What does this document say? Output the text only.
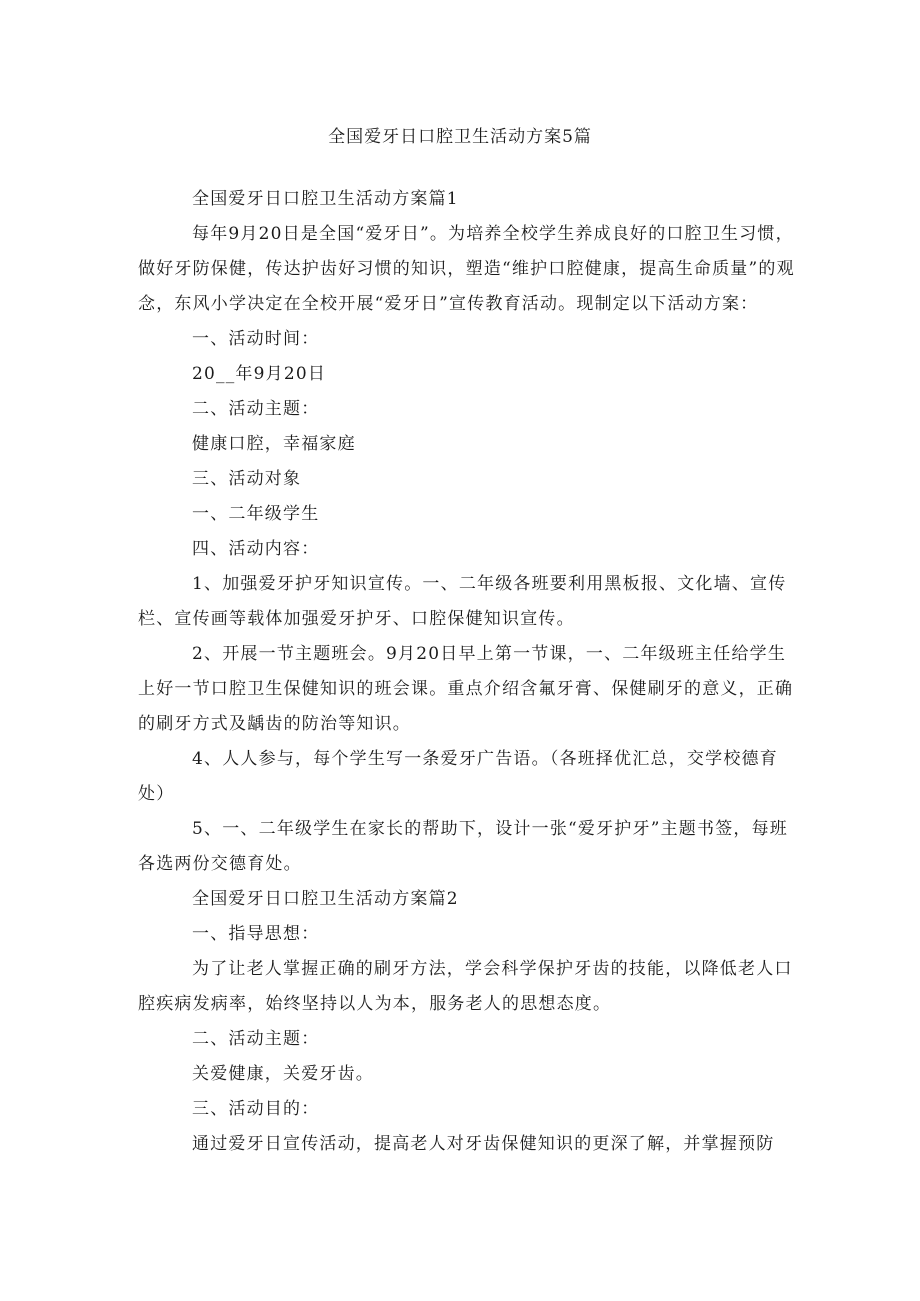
全国爱牙日口腔卫生活动方案5篇

全国爱牙日口腔卫生活动方案篇1

每年9月20日是全国“爱牙日”。为培养全校学生养成良好的口腔卫生习惯，做好牙防保健，传达护齿好习惯的知识，塑造“维护口腔健康，提高生命质量”的观念，东风小学决定在全校开展“爱牙日”宣传教育活动。现制定以下活动方案：

一、活动时间：

20__年9月20日

二、活动主题：

健康口腔，幸福家庭

三、活动对象

一、二年级学生

四、活动内容：

1、加强爱牙护牙知识宣传。一、二年级各班要利用黑板报、文化墙、宣传栏、宣传画等载体加强爱牙护牙、口腔保健知识宣传。

2、开展一节主题班会。9月20日早上第一节课，一、二年级班主任给学生上好一节口腔卫生保健知识的班会课。重点介绍含氟牙膏、保健刷牙的意义，正确的刷牙方式及龋齿的防治等知识。

4、人人参与，每个学生写一条爱牙广告语。（各班择优汇总，交学校德育处）

5、一、二年级学生在家长的帮助下，设计一张“爱牙护牙”主题书签，每班各选两份交德育处。

全国爱牙日口腔卫生活动方案篇2

一、指导思想：

为了让老人掌握正确的刷牙方法，学会科学保护牙齿的技能，以降低老人口腔疾病发病率，始终坚持以人为本，服务老人的思想态度。

二、活动主题：

关爱健康，关爱牙齿。

三、活动目的：

通过爱牙日宣传活动，提高老人对牙齿保健知识的更深了解，并掌握预防
